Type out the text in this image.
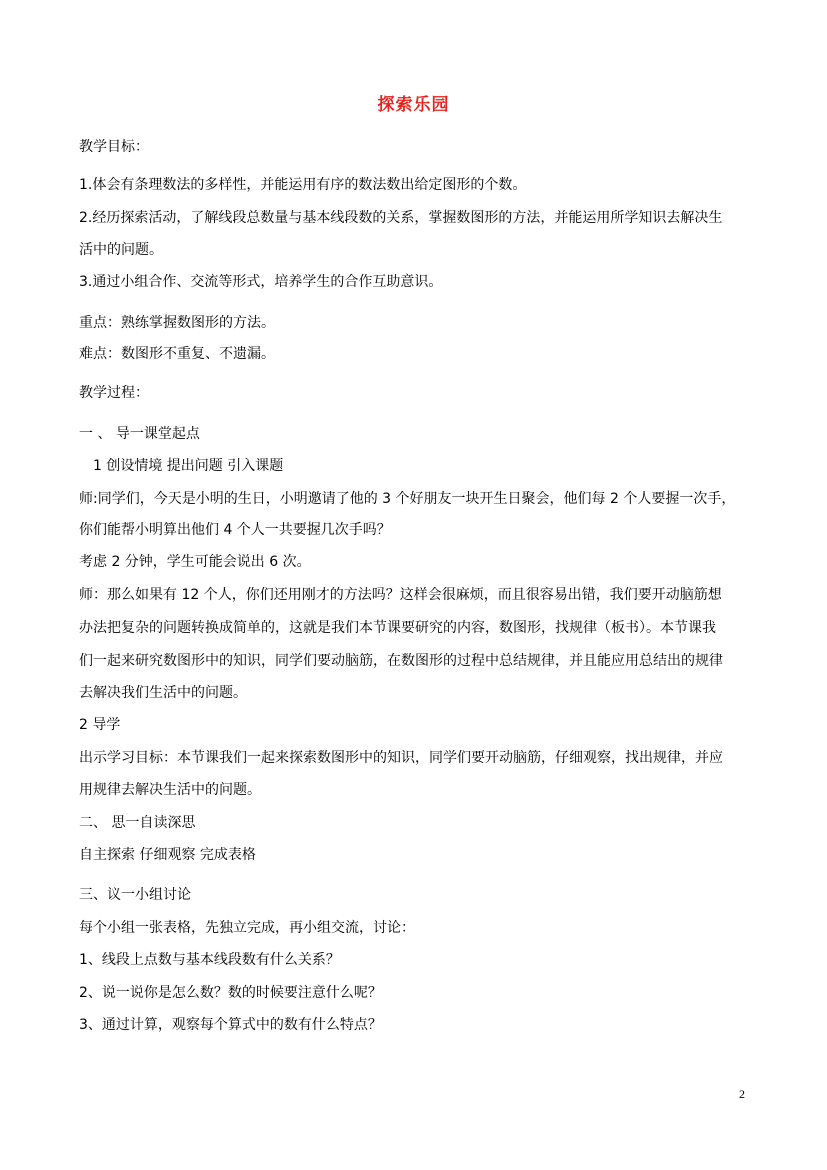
探索乐园
教学目标：
1.体会有条理数法的多样性，并能运用有序的数法数出给定图形的个数。
2.经历探索活动，了解线段总数量与基本线段数的关系，掌握数图形的方法，并能运用所学知识去解决生
活中的问题。
3.通过小组合作、交流等形式，培养学生的合作互助意识。
重点：熟练掌握数图形的方法。
难点：数图形不重复、不遗漏。
教学过程：
一 、 导一课堂起点
1 创设情境 提出问题 引入课题
师:同学们，今天是小明的生日，小明邀请了他的 3 个好朋友一块开生日聚会，他们每 2 个人要握一次手，
你们能帮小明算出他们 4 个人一共要握几次手吗？
考虑 2 分钟，学生可能会说出 6 次。
师：那么如果有 12 个人，你们还用刚才的方法吗？这样会很麻烦，而且很容易出错，我们要开动脑筋想
办法把复杂的问题转换成简单的，这就是我们本节课要研究的内容，数图形，找规律（板书）。本节课我
们一起来研究数图形中的知识，同学们要动脑筋，在数图形的过程中总结规律，并且能应用总结出的规律
去解决我们生活中的问题。
2 导学
出示学习目标：本节课我们一起来探索数图形中的知识，同学们要开动脑筋，仔细观察，找出规律，并应
用规律去解决生活中的问题。
二、 思一自读深思
自主探索 仔细观察 完成表格
三、议一小组讨论
每个小组一张表格，先独立完成，再小组交流，讨论：
1、线段上点数与基本线段数有什么关系？
2、说一说你是怎么数？数的时候要注意什么呢？
3、通过计算，观察每个算式中的数有什么特点？
2
